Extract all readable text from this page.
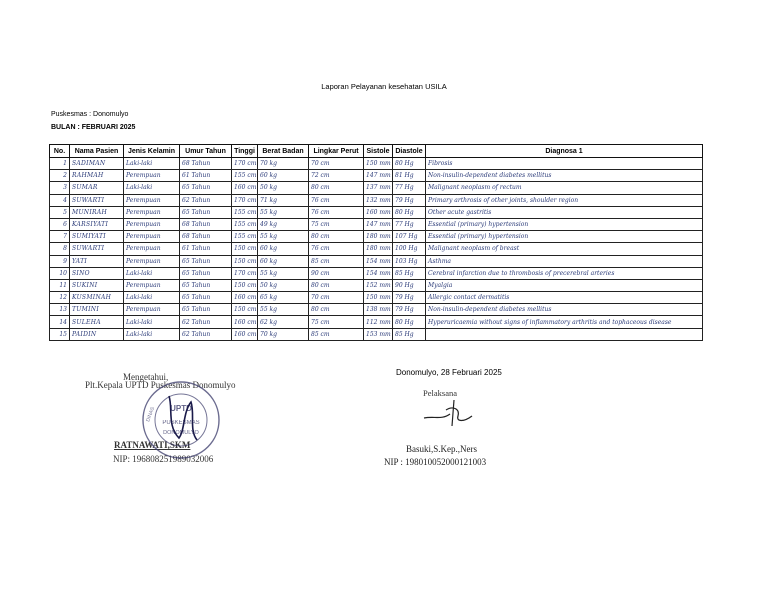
Laporan Pelayanan kesehatan USILA
Puskesmas : Donomulyo
BULAN : FEBRUARI 2025
No.	Nama Pasien	Jenis Kelamin	Umur Tahun	Tinggi	Berat Badan	Lingkar Perut	Sistole	Diastole	Diagnosa 1
1	SADIMAN	Laki-laki	68 Tahun	170 cm	70 kg	70 cm	150 mm	80 Hg	Fibrosis
2	RAHMAH	Perempuan	61 Tahun	155 cm	60 kg	72 cm	147 mm	81 Hg	Non-insulin-dependent diabetes mellitus
3	SUMAR	Laki-laki	65 Tahun	160 cm	50 kg	80 cm	137 mm	77 Hg	Malignant neoplasm of rectum
4	SUWARTI	Perempuan	62 Tahun	170 cm	71 kg	76 cm	132 mm	79 Hg	Primary arthrosis of other joints, shoulder region
5	MUNIRAH	Perempuan	65 Tahun	155 cm	55 kg	76 cm	160 mm	80 Hg	Other acute gastritis
6	KARSIYATI	Perempuan	68 Tahun	155 cm	49 kg	75 cm	147 mm	77 Hg	Essential (primary) hypertension
7	SUMIYATI	Perempuan	68 Tahun	155 cm	55 kg	80 cm	180 mm	107 Hg	Essential (primary) hypertension
8	SUWARTI	Perempuan	61 Tahun	150 cm	60 kg	76 cm	180 mm	100 Hg	Malignant neoplasm of breast
9	YATI	Perempuan	65 Tahun	150 cm	60 kg	85 cm	154 mm	103 Hg	Asthma
10	SINO	Laki-laki	65 Tahun	170 cm	55 kg	90 cm	154 mm	85 Hg	Cerebral infarction due to thrombosis of precerebral arteries
11	SUKINI	Perempuan	65 Tahun	150 cm	50 kg	80 cm	152 mm	90 Hg	Myalgia
12	KUSMINAH	Laki-laki	65 Tahun	160 cm	65 kg	70 cm	150 mm	79 Hg	Allergic contact dermatitis
13	TUMINI	Perempuan	65 Tahun	150 cm	55 kg	80 cm	138 mm	79 Hg	Non-insulin-dependent diabetes mellitus
14	SULEHA	Laki-laki	62 Tahun	160 cm	62 kg	75 cm	112 mm	80 Hg	Hyperuricaemia without signs of inflammatory arthritis and tophaceous disease
15	PAIDIN	Laki-laki	62 Tahun	160 cm	70 kg	85 cm	153 mm	85 Hg	
Mengetahui,
Plt.Kepala UPTD Puskesmas Donomulyo
RATNAWATI,SKM
NIP: 196808251989032006
UPTD
PUSKESMAS
DONOMULYO
DINAS
Donomulyo, 28 Februari 2025
Pelaksana
Basuki,S.Kep.,Ners
NIP : 198010052000121003
